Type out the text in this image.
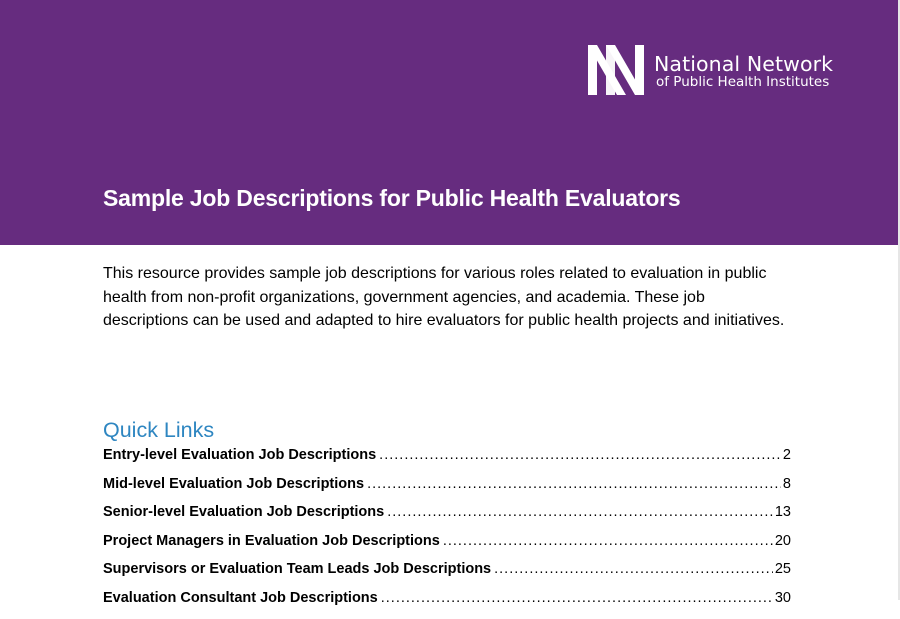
National Network
of Public Health Institutes
Sample Job Descriptions for Public Health Evaluators

This resource provides sample job descriptions for various roles related to evaluation in public health from non-profit organizations, government agencies, and academia. These job descriptions can be used and adapted to hire evaluators for public health projects and initiatives.

Quick Links
Entry-level Evaluation Job Descriptions .....	2
Mid-level Evaluation Job Descriptions .....	8
Senior-level Evaluation Job Descriptions .....	13
Project Managers in Evaluation Job Descriptions .....	20
Supervisors or Evaluation Team Leads Job Descriptions .....	25
Evaluation Consultant Job Descriptions .....	30
